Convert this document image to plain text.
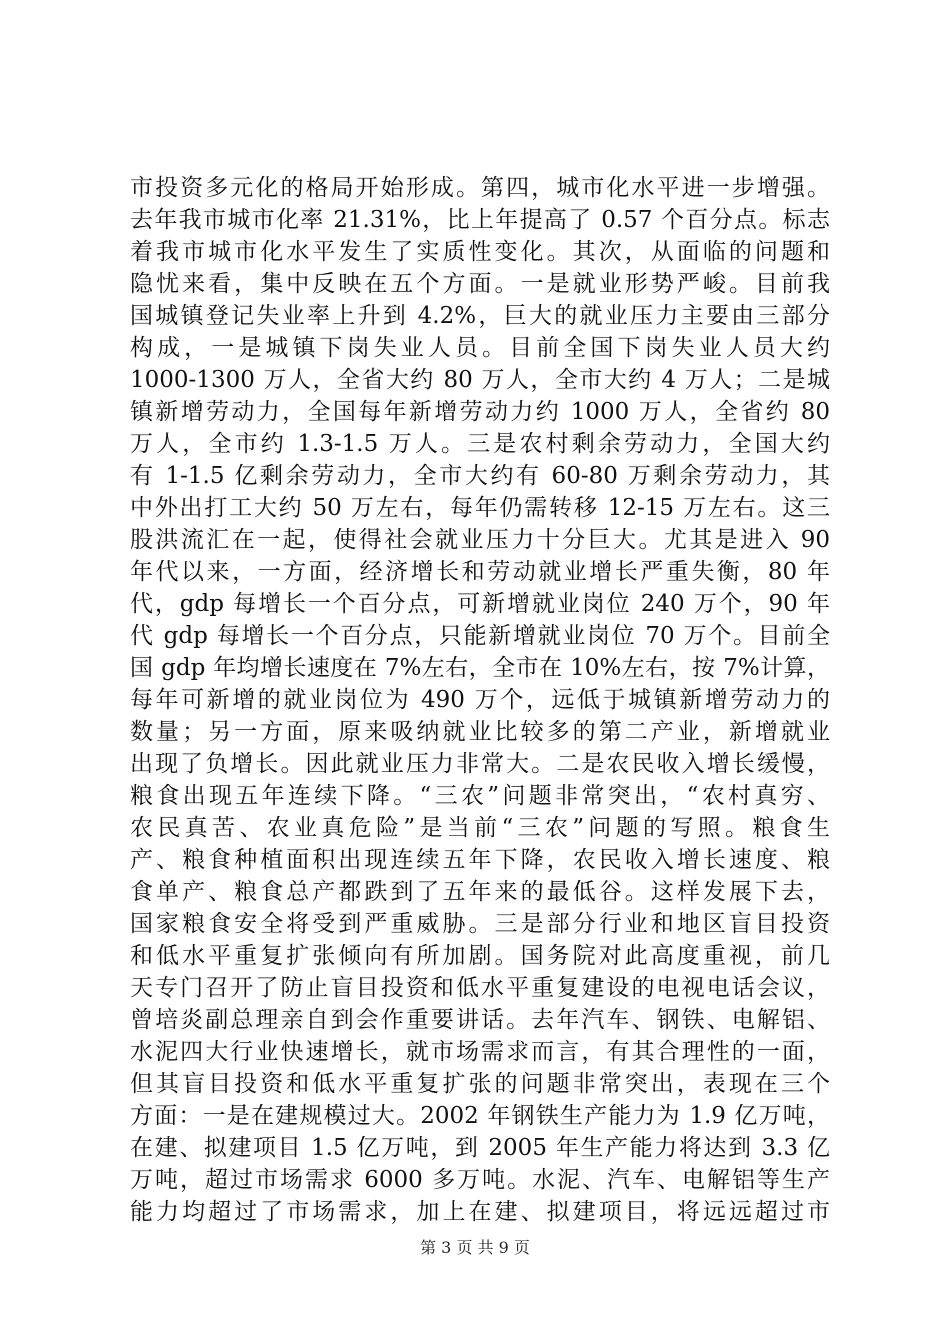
市投资多元化的格局开始形成。第四，城市化水平进一步增强。
去年我市城市化率 21.31%，比上年提高了 0.57 个百分点。标志
着我市城市化水平发生了实质性变化。其次，从面临的问题和
隐忧来看，集中反映在五个方面。一是就业形势严峻。目前我
国城镇登记失业率上升到 4.2%，巨大的就业压力主要由三部分
构成，一是城镇下岗失业人员。目前全国下岗失业人员大约
1000-1300 万人，全省大约 80 万人，全市大约 4 万人；二是城
镇新增劳动力，全国每年新增劳动力约 1000 万人，全省约 80
万人，全市约 1.3-1.5 万人。三是农村剩余劳动力，全国大约
有 1-1.5 亿剩余劳动力，全市大约有 60-80 万剩余劳动力，其
中外出打工大约 50 万左右，每年仍需转移 12-15 万左右。这三
股洪流汇在一起，使得社会就业压力十分巨大。尤其是进入 90
年代以来，一方面，经济增长和劳动就业增长严重失衡，80 年
代，gdp 每增长一个百分点，可新增就业岗位 240 万个，90 年
代 gdp 每增长一个百分点，只能新增就业岗位 70 万个。目前全
国 gdp 年均增长速度在 7%左右，全市在 10%左右，按 7%计算，
每年可新增的就业岗位为 490 万个，远低于城镇新增劳动力的
数量；另一方面，原来吸纳就业比较多的第二产业，新增就业
出现了负增长。因此就业压力非常大。二是农民收入增长缓慢，
粮食出现五年连续下降。“三农”问题非常突出，“农村真穷、
农民真苦、农业真危险”是当前“三农”问题的写照。粮食生
产、粮食种植面积出现连续五年下降，农民收入增长速度、粮
食单产、粮食总产都跌到了五年来的最低谷。这样发展下去，
国家粮食安全将受到严重威胁。三是部分行业和地区盲目投资
和低水平重复扩张倾向有所加剧。国务院对此高度重视，前几
天专门召开了防止盲目投资和低水平重复建设的电视电话会议，
曾培炎副总理亲自到会作重要讲话。去年汽车、钢铁、电解铝、
水泥四大行业快速增长，就市场需求而言，有其合理性的一面，
但其盲目投资和低水平重复扩张的问题非常突出，表现在三个
方面：一是在建规模过大。2002 年钢铁生产能力为 1.9 亿万吨，
在建、拟建项目 1.5 亿万吨，到 2005 年生产能力将达到 3.3 亿
万吨，超过市场需求 6000 多万吨。水泥、汽车、电解铝等生产
能力均超过了市场需求，加上在建、拟建项目，将远远超过市
第 3 页 共 9 页
